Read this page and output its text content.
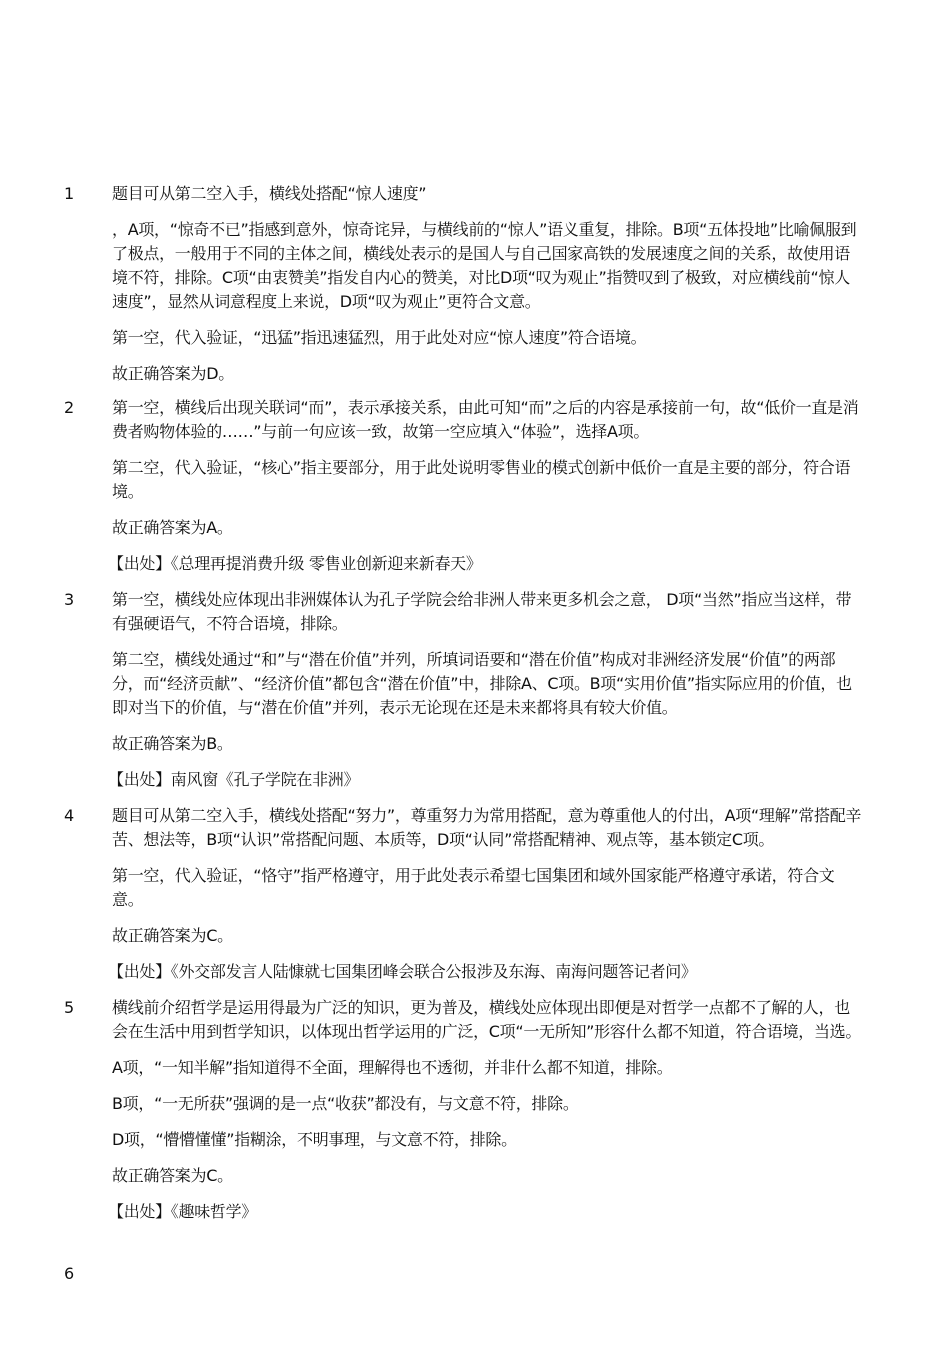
1 题目可从第二空入手，横线处搭配“惊人速度”

，A项，“惊奇不已”指感到意外，惊奇诧异，与横线前的“惊人”语义重复，排除。B项“五体投地”比喻佩服到了极点，一般用于不同的主体之间，横线处表示的是国人与自己国家高铁的发展速度之间的关系，故使用语境不符，排除。C项“由衷赞美”指发自内心的赞美，对比D项“叹为观止”指赞叹到了极致，对应横线前“惊人速度”，显然从词意程度上来说，D项“叹为观止”更符合文意。

第一空，代入验证，“迅猛”指迅速猛烈，用于此处对应“惊人速度”符合语境。

故正确答案为D。

2 第一空，横线后出现关联词“而”，表示承接关系，由此可知“而”之后的内容是承接前一句，故“低价一直是消费者购物体验的……”与前一句应该一致，故第一空应填入“体验”，选择A项。

第二空，代入验证，“核心”指主要部分，用于此处说明零售业的模式创新中低价一直是主要的部分，符合语境。

故正确答案为A。

【出处】《总理再提消费升级 零售业创新迎来新春天》

3 第一空，横线处应体现出非洲媒体认为孔子学院会给非洲人带来更多机会之意， D项“当然”指应当这样，带有强硬语气，不符合语境，排除。

第二空，横线处通过“和”与“潜在价值”并列，所填词语要和“潜在价值”构成对非洲经济发展“价值”的两部分，而“经济贡献”、“经济价值”都包含“潜在价值”中，排除A、C项。B项“实用价值”指实际应用的价值，也即对当下的价值，与“潜在价值”并列，表示无论现在还是未来都将具有较大价值。

故正确答案为B。

【出处】南风窗《孔子学院在非洲》

4 题目可从第二空入手，横线处搭配“努力”，尊重努力为常用搭配，意为尊重他人的付出，A项“理解”常搭配辛苦、想法等，B项“认识”常搭配问题、本质等，D项“认同”常搭配精神、观点等，基本锁定C项。

第一空，代入验证，“恪守”指严格遵守，用于此处表示希望七国集团和域外国家能严格遵守承诺，符合文意。

故正确答案为C。

【出处】《外交部发言人陆慷就七国集团峰会联合公报涉及东海、南海问题答记者问》

5 横线前介绍哲学是运用得最为广泛的知识，更为普及，横线处应体现出即便是对哲学一点都不了解的人，也会在生活中用到哲学知识，以体现出哲学运用的广泛，C项“一无所知”形容什么都不知道，符合语境，当选。

A项，“一知半解”指知道得不全面，理解得也不透彻，并非什么都不知道，排除。

B项，“一无所获”强调的是一点“收获”都没有，与文意不符，排除。

D项，“懵懵懂懂”指糊涂，不明事理，与文意不符，排除。

故正确答案为C。

【出处】《趣味哲学》

6
